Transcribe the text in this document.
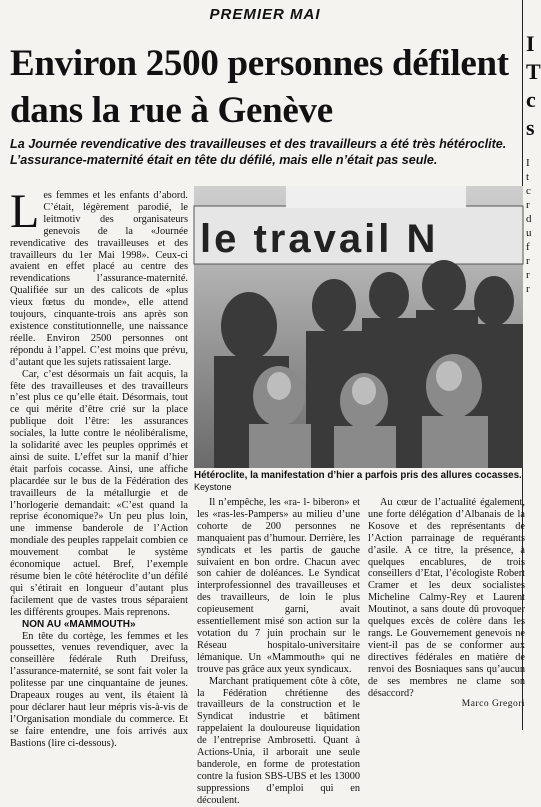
PREMIER MAI
Environ 2500 personnes défilent dans la rue à Genève
La Journée revendicative des travailleuses et des travailleurs a été très hétéroclite. L’assurance-maternité était en tête du défilé, mais elle n’était pas seule.
I
T
c
s
I
t
c
r
d
u
f
r
r
r

Les femmes et les enfants d’abord. C’était, légèrement parodié, le leitmotiv des organisateurs genevois de la «Journée revendicative des travailleuses et des travailleurs du 1er Mai 1998». Ceux-ci avaient en effet placé au centre des revendications l’assurance-maternité. Qualifiée sur un des calicots de «plus vieux fœtus du monde», elle attend toujours, cinquante-trois ans après son existence constitutionnelle, une naissance réelle. Environ 2500 personnes ont répondu à l’appel. C’est moins que prévu, d’autant que les sujets ratissaient large.

Car, c’est désormais un fait acquis, la fête des travailleuses et des travailleurs n’est plus ce qu’elle était. Désormais, tout ce qui mérite d’être crié sur la place publique doit l’être: les assurances sociales, la lutte contre le néolibéralisme, la solidarité avec les peuples opprimés et ainsi de suite. L’effet sur la manif d’hier était parfois cocasse. Ainsi, une affiche placardée sur le bus de la Fédération des travailleurs de la métallurgie et de l’horlogerie demandait: «C’est quand la reprise économique?» Un peu plus loin, une immense banderole de l’Action mondiale des peuples rappelait combien ce mouvement combat le système économique actuel. Bref, l’exemple résume bien le côté hétéroclite d’un défilé qui s’étirait en longueur d’autant plus facilement que de vastes trous séparaient les différents groupes. Mais reprenons.

NON AU «MAMMOUTH»

En tête du cortège, les femmes et les poussettes, venues revendiquer, avec la conseillère fédérale Ruth Dreifuss, l’assurance-maternité, se sont fait voler la politesse par une cinquantaine de jeunes. Drapeaux rouges au vent, ils étaient là pour déclarer haut leur mépris vis-à-vis de l’Organisation mondiale du commerce. Et se faire entendre, une fois arrivés aux Bastions (lire ci-dessous).

le travail N
Hétéroclite, la manifestation d’hier a parfois pris des allures cocasses. Keystone

Il n’empêche, les «ra- l- biberon» et les «ras-les-Pampers» au milieu d’une cohorte de 200 personnes ne manquaient pas d’humour. Derrière, les syndicats et les partis de gauche suivaient en bon ordre. Chacun avec son cahier de doléances. Le Syndicat interprofessionnel des travailleuses et des travailleurs, de loin le plus copieusement garni, avait essentiellement misé son action sur la votation du 7 juin prochain sur le Réseau hospitalo-universitaire lémanique. Un «Mammouth» qui ne trouve pas grâce aux yeux syndicaux.

Marchant pratiquement côte à côte, la Fédération chrétienne des travailleurs de la construction et le Syndicat industrie et bâtiment rappelaient la douloureuse liquidation de l’entreprise Ambrosetti. Quant à Actions-Unia, il arborait une seule banderole, en forme de protestation contre la fusion SBS-UBS et les 13000 suppressions d’emploi qui en découlent.

Au cœur de l’actualité également, une forte délégation d’Albanais de la Kosove et des représentants de l’Action parrainage de requérants d’asile. A ce titre, la présence, à quelques encablures, de trois conseillers d’Etat, l’écologiste Robert Cramer et les deux socialistes Micheline Calmy-Rey et Laurent Moutinot, a sans doute dû provoquer quelques excès de colère dans les rangs. Le Gouvernement genevois ne vient-il pas de se conformer aux directives fédérales en matière de renvoi des Bosniaques sans qu’aucun de ses membres ne clame son désaccord?

Marco Gregori
